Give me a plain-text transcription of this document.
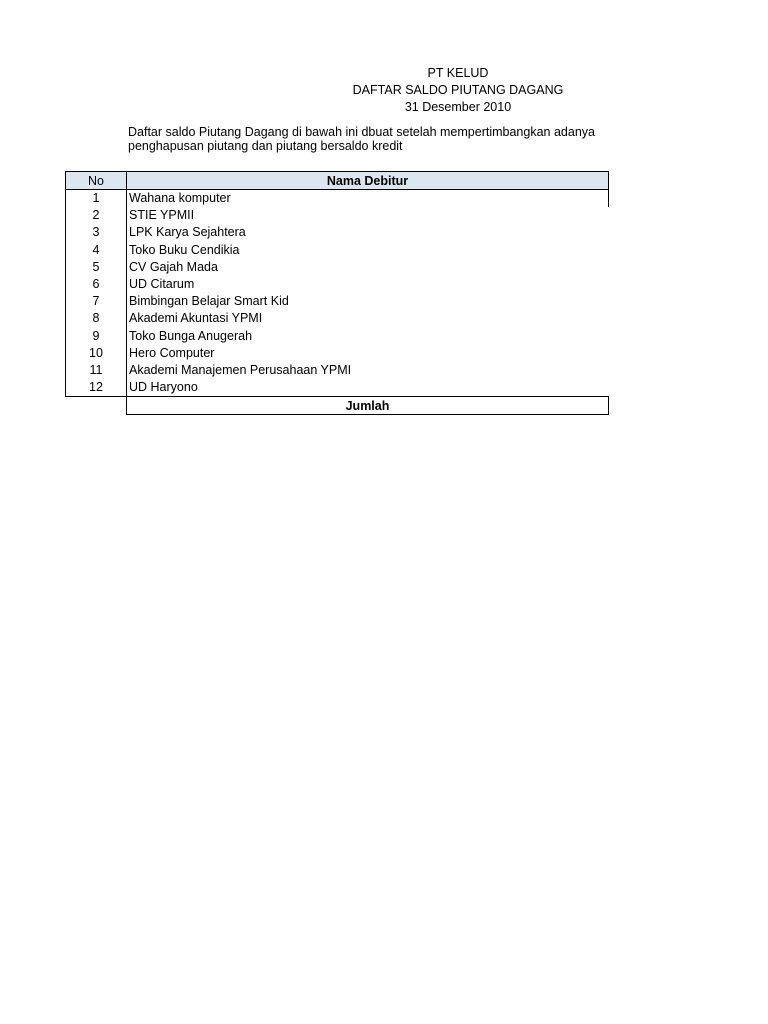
PT KELUD
DAFTAR SALDO PIUTANG DAGANG
31 Desember 2010
Daftar saldo Piutang Dagang di bawah ini dbuat setelah mempertimbangkan adanya
penghapusan piutang dan piutang bersaldo kredit
No	Nama Debitur
1	Wahana komputer
2	STIE YPMII
3	LPK Karya Sejahtera
4	Toko Buku Cendikia
5	CV Gajah Mada
6	UD Citarum
7	Bimbingan Belajar Smart Kid
8	Akademi Akuntasi YPMI
9	Toko Bunga Anugerah
10	Hero Computer
11	Akademi Manajemen Perusahaan YPMI
12	UD Haryono
	Jumlah
